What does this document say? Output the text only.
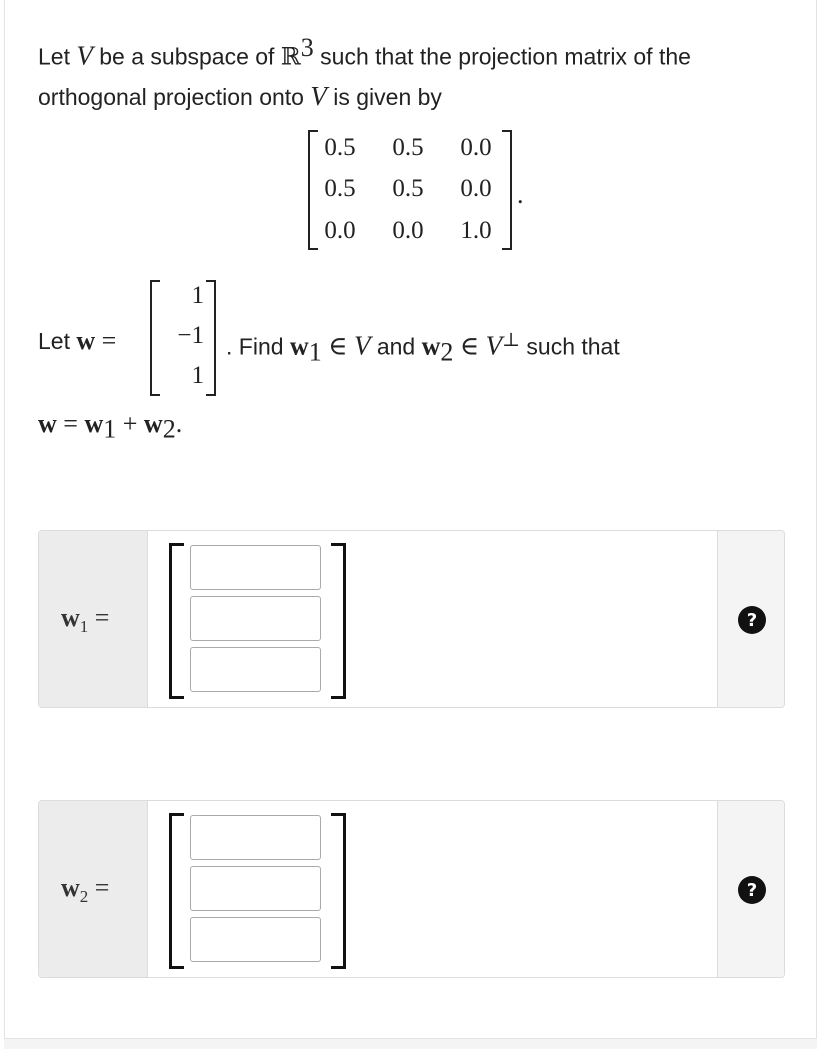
Let V be a subspace of ℝ$^3$ such that the projection matrix of the orthogonal projection onto V is given by
0.5	0.5	0.0
0.5	0.5	0.0
0.0	0.0	1.0
.
Let w =
1
−1
1
. Find $w_1$ ∈ V and $w_2$ ∈ V⊥ such that
$w = w_1 + w_2$.
$w_1$ =	?
$w_2$ =	?
